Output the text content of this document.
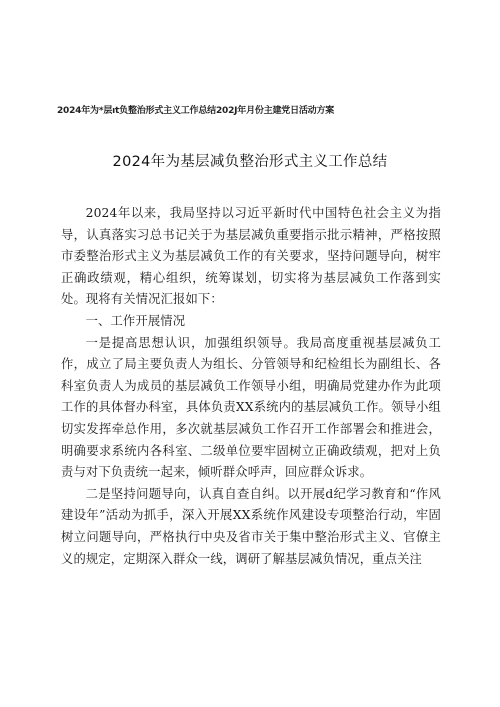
2024年为*层ıt负整治形式主义工作总结202J年月份主建党日活动方案
2024年为基层减负整治形式主义工作总结

2024年以来，我局坚持以习近平新时代中国特色社会主义为指导，认真落实习总书记关于为基层减负重要指示批示精神，严格按照市委整治形式主义为基层减负工作的有关要求，坚持问题导向，树牢正确政绩观，精心组织，统筹谋划，切实将为基层减负工作落到实处。现将有关情况汇报如下：

一、工作开展情况

一是提高思想认识，加强组织领导。我局高度重视基层减负工作，成立了局主要负责人为组长、分管领导和纪检组长为副组长、各科室负责人为成员的基层减负工作领导小组，明确局党建办作为此项工作的具体督办科室，具体负责XX系统内的基层减负工作。领导小组切实发挥牵总作用，多次就基层减负工作召开工作部署会和推进会，明确要求系统内各科室、二级单位要牢固树立正确政绩观，把对上负责与对下负责统一起来，倾听群众呼声，回应群众诉求。

二是坚持问题导向，认真自查自纠。以开展d纪学习教育和“作风建设年”活动为抓手，深入开展XX系统作风建设专项整治行动，牢固树立问题导向，严格执行中央及省市关于集中整治形式主义、官僚主义的规定，定期深入群众一线，调研了解基层减负情况，重点关注
